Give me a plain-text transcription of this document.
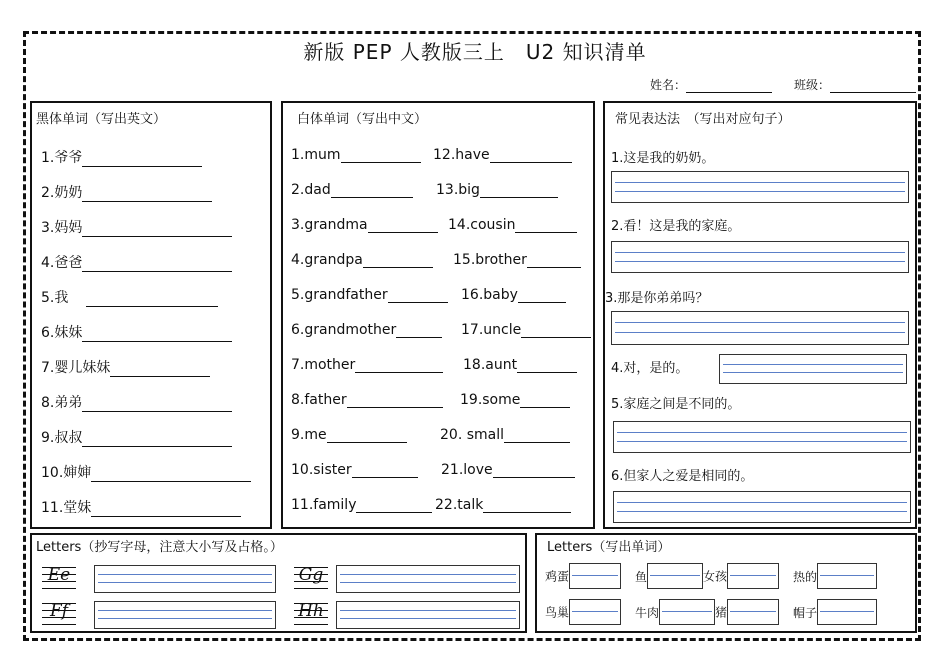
新版 PEP 人教版三上　U2 知识清单
姓名：	班级：
黑体单词（写出英文）
1.爷爷
2.奶奶
3.妈妈
4.爸爸
5.我
6.妹妹
7.婴儿妹妹
8.弟弟
9.叔叔
10.婶婶
11.堂妹
白体单词（写出中文）
1.mum
2.dad
3.grandma
4.grandpa
5.grandfather
6.grandmother
7.mother
8.father
9.me
10.sister
11.family
12.have
13.big
14.cousin
15.brother
16.baby
17.uncle
18.aunt
19.some
20. small
21.love
22.talk
常见表达法　（写出对应句子）
1.这是我的奶奶。
2.看！这是我的家庭。
3.那是你弟弟吗？
4.对，是的。
5.家庭之间是不同的。
6.但家人之爱是相同的。
Letters（抄写字母，注意大小写及占格。）
Ee	Gg
Ff	Hh
Letters（写出单词）
鸡蛋	鱼	女孩	热的
鸟巢	牛肉	猪	帽子
